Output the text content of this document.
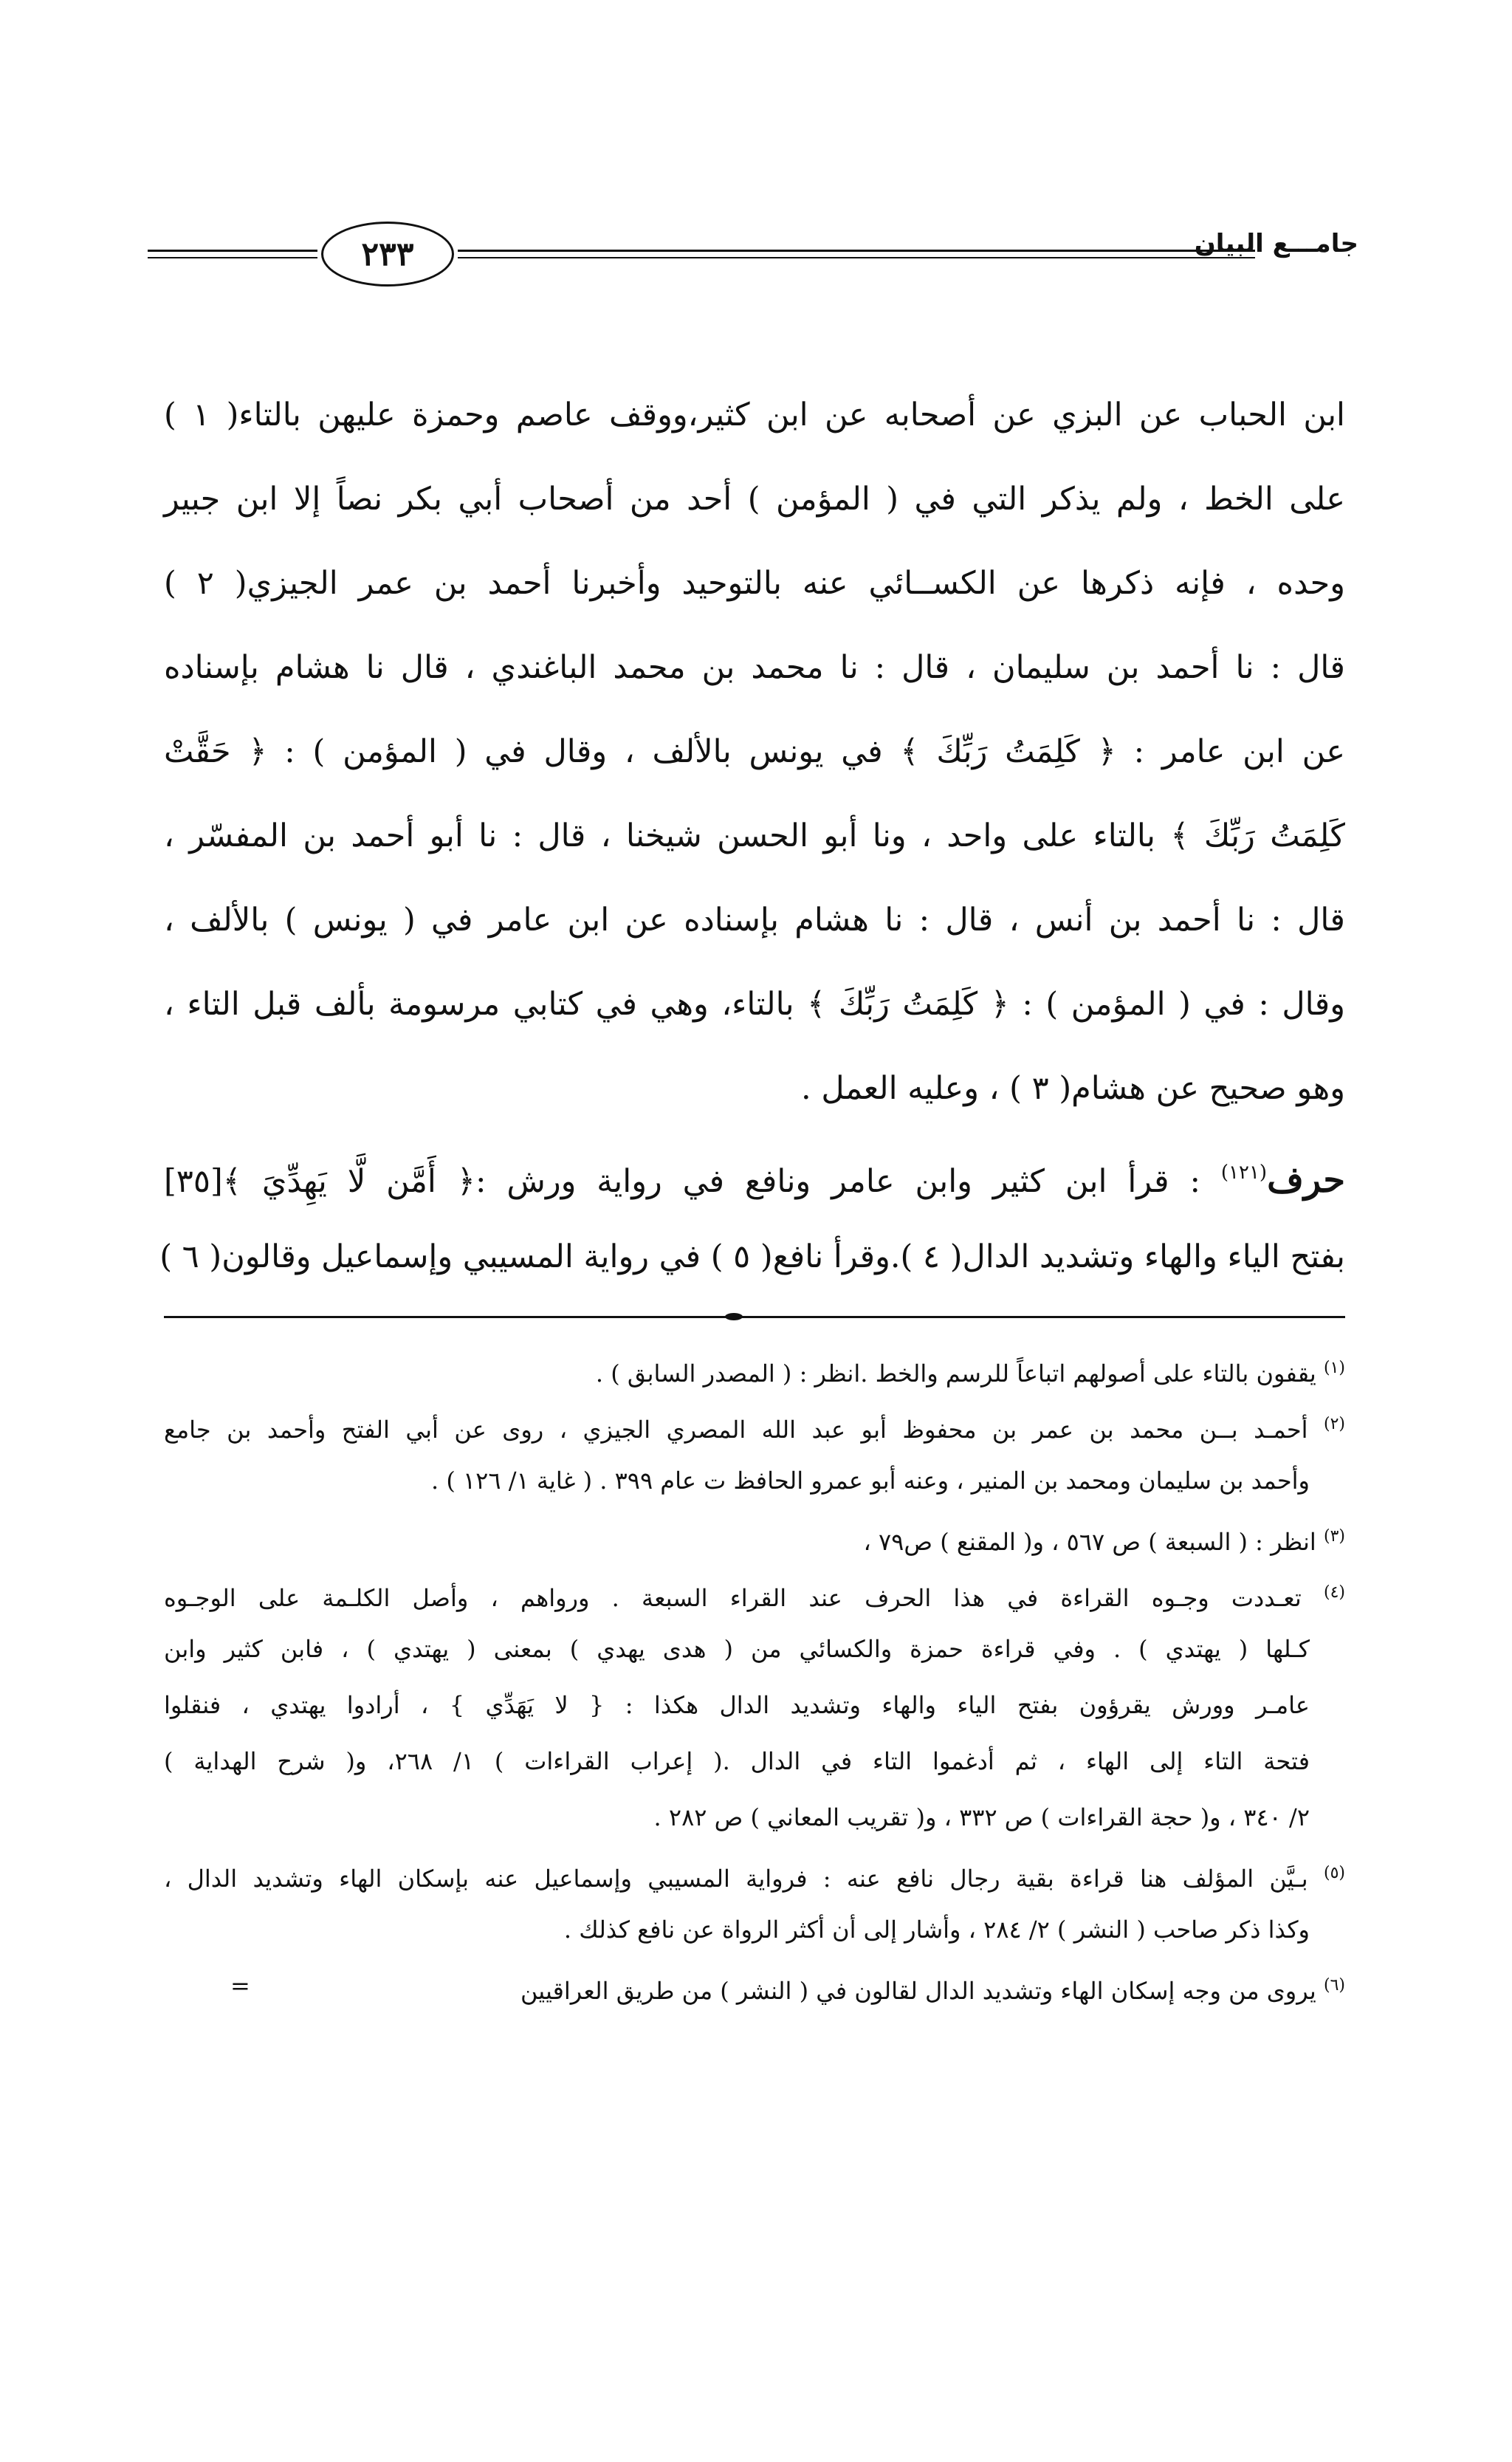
٢٣٣	جامـــع البيان
ابن الحباب عن البزي عن أصحابه عن ابن كثير،ووقف عاصم وحمزة عليهن بالتاء( ١ )
على الخط ، ولم يذكر التي في ( المؤمن ) أحد من أصحاب أبي بكر نصاً إلا ابن جبير
وحده ، فإنه ذكرها عن الكســائي عنه بالتوحيد وأخبرنا أحمد بن عمر الجيزي( ٢ )
قال : نا أحمد بن سليمان ، قال : نا محمد بن محمد الباغندي ، قال نا هشام بإسناده
عن ابن عامر : ﴿ كَلِمَتُ رَبِّكَ ﴾ في يونس بالألف ، وقال في ( المؤمن ) : ﴿ حَقَّتْ
كَلِمَتُ رَبِّكَ ﴾ بالتاء على واحد ، ونا أبو الحسن شيخنا ، قال : نا أبو أحمد بن المفسّر ،
قال : نا أحمد بن أنس ، قال : نا هشام بإسناده عن ابن عامر في ( يونس ) بالألف ،
وقال : في ( المؤمن ) : ﴿ كَلِمَتُ رَبِّكَ ﴾ بالتاء، وهي في كتابي مرسومة بألف قبل التاء ،
وهو صحيح عن هشام( ٣ ) ، وعليه العمل .
حرف$^{(١٢١)}$ : قرأ ابن كثير وابن عامر ونافع في رواية ورش :﴿ أَمَّن لَّا يَهِدِّيَ ﴾[٣٥]
بفتح الياء والهاء وتشديد الدال( ٤ ).وقرأ نافع( ٥ ) في رواية المسيبي وإسماعيل وقالون( ٦ )
$^{(١)}$ يقفون بالتاء على أصولهم اتباعاً للرسم والخط .انظر : ( المصدر السابق ) .
$^{(٢)}$ أحمـد بــن محمد بن عمر بن محفوظ أبو عبد الله المصري الجيزي ، روى عن أبي الفتح وأحمد بن جامع
وأحمد بن سليمان ومحمد بن المنير ، وعنه أبو عمرو الحافظ ت عام ٣٩٩ . ( غاية ١/ ١٢٦ ) .
$^{(٣)}$ انظر : ( السبعة ) ص ٥٦٧ ، و( المقنع ) ص٧٩ ،
$^{(٤)}$ تعـددت وجـوه القراءة في هذا الحرف عند القراء السبعة . ورواهم ، وأصل الكلـمة على الوجـوه
كـلها ( يهتدي ) . وفي قراءة حمزة والكسائي من ( هدى يهدي ) بمعنى ( يهتدي ) ، فابن كثير وابن
عامـر وورش يقرؤون بفتح الياء والهاء وتشديد الدال هكذا : { لا يَهَدِّي } ، أرادوا يهتدي ، فنقلوا
فتحة التاء إلى الهاء ، ثم أدغموا التاء في الدال .( إعراب القراءات ) ١/ ٢٦٨، و( شرح الهداية )
٢/ ٣٤٠ ، و( حجة القراءات ) ص ٣٣٢ ، و( تقريب المعاني ) ص ٢٨٢ .
$^{(٥)}$ بـيَّن المؤلف هنا قراءة بقية رجال نافع عنه : فرواية المسيبي وإسماعيل عنه بإسكان الهاء وتشديد الدال ،
وكذا ذكر صاحب ( النشر ) ٢/ ٢٨٤ ، وأشار إلى أن أكثر الرواة عن نافع كذلك .
$^{(٦)}$ يروى من وجه إسكان الهاء وتشديد الدال لقالون في ( النشر ) من طريق العراقيين
=
